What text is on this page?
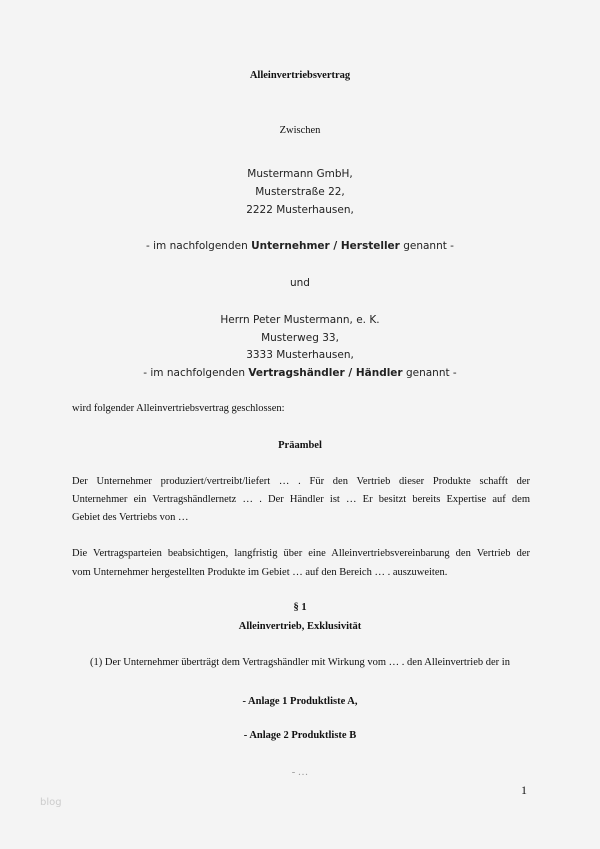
Alleinvertriebsvertrag
Zwischen
Mustermann GmbH,
Musterstraße 22,
2222 Musterhausen,
- im nachfolgenden Unternehmer / Hersteller genannt -
und
Herrn Peter Mustermann, e. K.
Musterweg 33,
3333 Musterhausen,
- im nachfolgenden Vertragshändler / Händler genannt -
wird folgender Alleinvertriebsvertrag geschlossen:
Präambel
Der Unternehmer produziert/vertreibt/liefert … . Für den Vertrieb dieser Produkte schafft der
Unternehmer ein Vertragshändlernetz … . Der Händler ist … Er besitzt bereits Expertise auf dem
Gebiet des Vertriebs von …
Die Vertragsparteien beabsichtigen, langfristig über eine Alleinvertriebsvereinbarung den Vertrieb der
vom Unternehmer hergestellten Produkte im Gebiet … auf den Bereich … . auszuweiten.
§ 1
Alleinvertrieb, Exklusivität
(1) Der Unternehmer überträgt dem Vertragshändler mit Wirkung vom … . den Alleinvertrieb der in
- Anlage 1 Produktliste A,
- Anlage 2 Produktliste B
- …
1
blog
